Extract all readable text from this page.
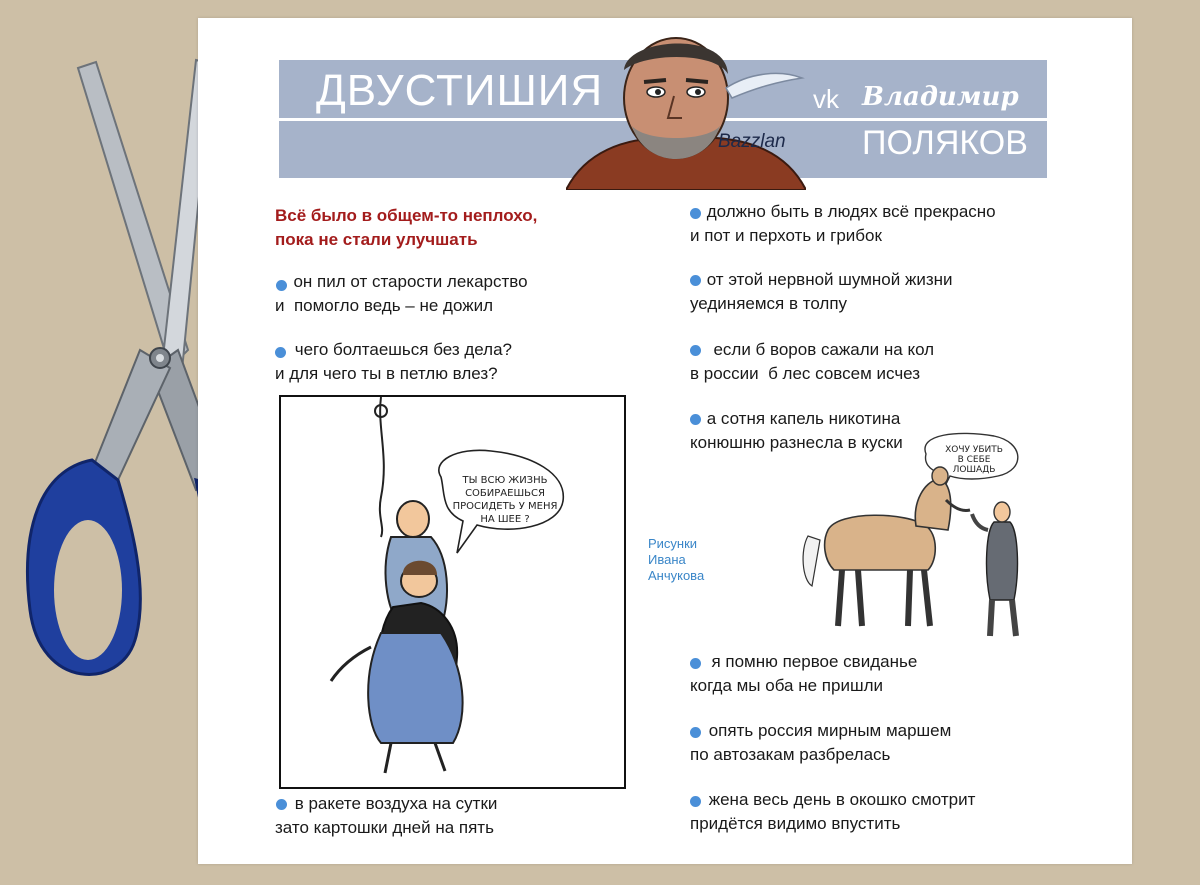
ДВУСТИШИЯ	vk Владимир
ПОЛЯКОВ
Bazzlan
Всё было в общем-то неплохо,
пока не стали улучшать
он пил от старости лекарство
и  помогло ведь – не дожил
чего болтаешься без дела?
и для чего ты в петлю влез?
в ракете воздуха на сутки
зато картошки дней на пять
ТЫ ВСЮ ЖИЗНЬ
СОБИРАЕШЬСЯ
ПРОСИДЕТЬ У МЕНЯ
НА ШЕЕ ?
Рисунки
Ивана
Анчукова
должно быть в людях всё прекрасно
и пот и перхоть и грибок
от этой нервной шумной жизни
уединяемся в толпу
если б воров сажали на кол
в россии  б лес совсем исчез
а сотня капель никотина
конюшню разнесла в куски	ХОЧУ УБИТЬ
В СЕБЕ
ЛОШАДЬ
я помню первое свиданье
когда мы оба не пришли
опять россия мирным маршем
по автозакам разбрелась
жена весь день в окошко смотрит
придётся видимо впустить
